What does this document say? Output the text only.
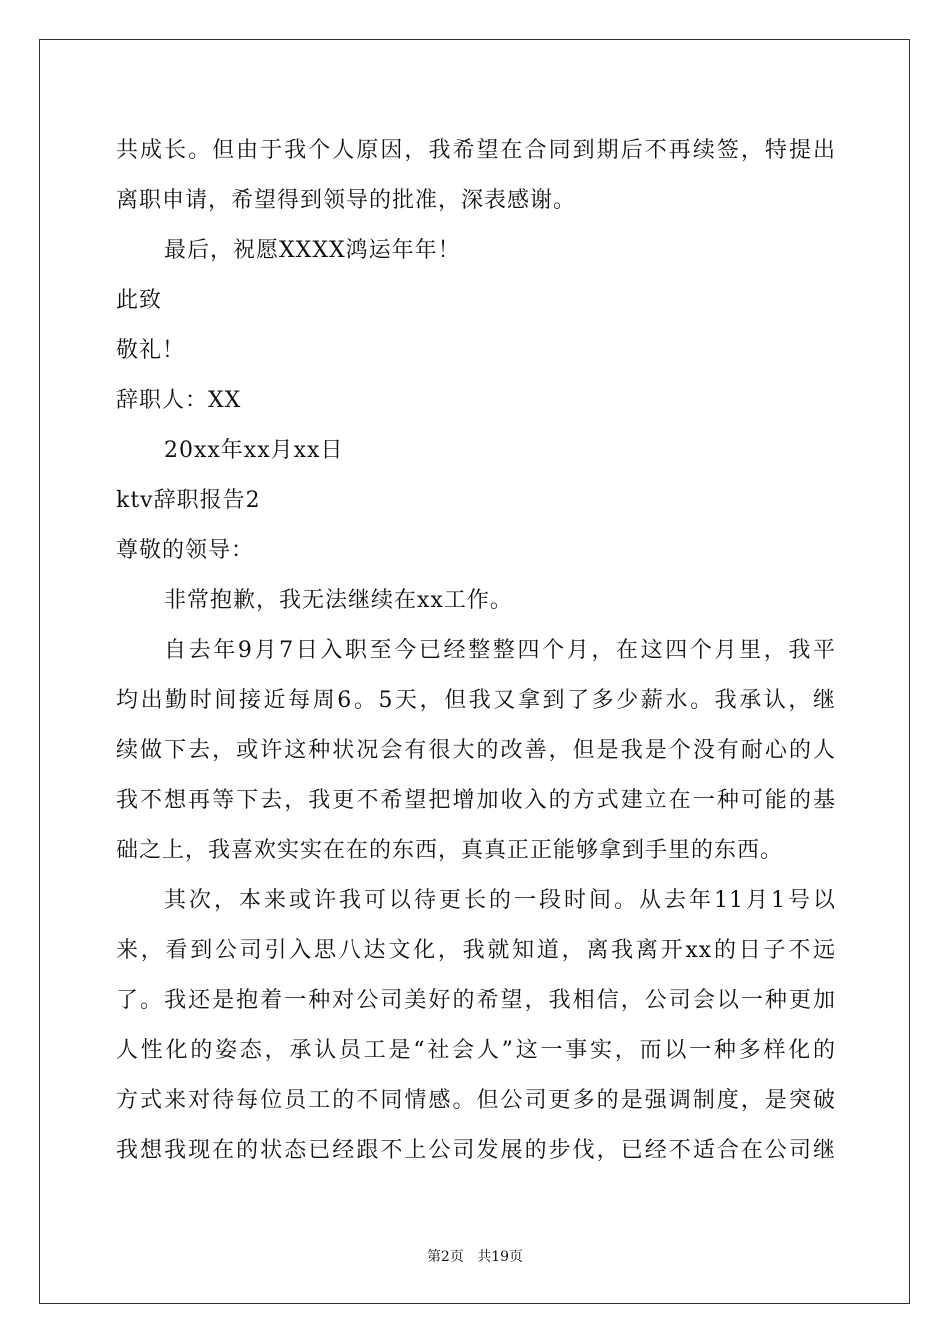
共成长。但由于我个人原因，我希望在合同到期后不再续签，特提出
离职申请，希望得到领导的批准，深表感谢。
最后，祝愿XXXX鸿运年年！
此致
敬礼！
辞职人：XX
20xx年xx月xx日
ktv辞职报告2
尊敬的领导：
非常抱歉，我无法继续在xx工作。
自去年9月7日入职至今已经整整四个月，在这四个月里，我平
均出勤时间接近每周6。5天，但我又拿到了多少薪水。我承认，继
续做下去，或许这种状况会有很大的改善，但是我是个没有耐心的人
我不想再等下去，我更不希望把增加收入的方式建立在一种可能的基
础之上，我喜欢实实在在的东西，真真正正能够拿到手里的东西。
其次，本来或许我可以待更长的一段时间。从去年11月1号以
来，看到公司引入思八达文化，我就知道，离我离开xx的日子不远
了。我还是抱着一种对公司美好的希望，我相信，公司会以一种更加
人性化的姿态，承认员工是“社会人”这一事实，而以一种多样化的
方式来对待每位员工的不同情感。但公司更多的是强调制度，是突破
我想我现在的状态已经跟不上公司发展的步伐，已经不适合在公司继
第2页 共19页
